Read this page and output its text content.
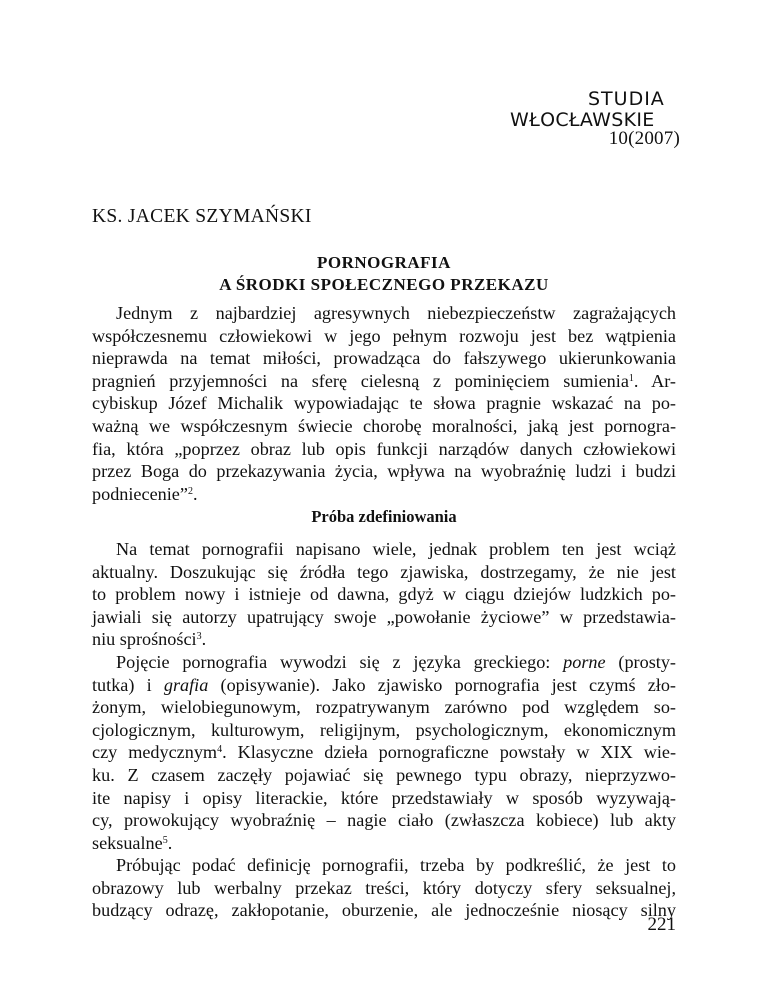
STUDIA
WŁOCŁAWSKIE
10(2007)
KS. JACEK SZYMAŃSKI
PORNOGRAFIA
A ŚRODKI SPOŁECZNEGO PRZEKAZU
Jednym z najbardziej agresywnych niebezpieczeństw zagrażających
współczesnemu człowiekowi w jego pełnym rozwoju jest bez wątpienia
nieprawda na temat miłości, prowadząca do fałszywego ukierunkowania
pragnień przyjemności na sferę cielesną z pominięciem sumienia$^1$. Ar-
cybiskup Józef Michalik wypowiadając te słowa pragnie wskazać na po-
ważną we współczesnym świecie chorobę moralności, jaką jest pornogra-
fia, która „poprzez obraz lub opis funkcji narządów danych człowiekowi
przez Boga do przekazywania życia, wpływa na wyobraźnię ludzi i budzi
podniecenie”$^2$.
Próba zdefiniowania
Na temat pornografii napisano wiele, jednak problem ten jest wciąż
aktualny. Doszukując się źródła tego zjawiska, dostrzegamy, że nie jest
to problem nowy i istnieje od dawna, gdyż w ciągu dziejów ludzkich po-
jawiali się autorzy upatrujący swoje „powołanie życiowe” w przedstawia-
niu sprośności$^3$.
Pojęcie pornografia wywodzi się z języka greckiego: porne (prosty-
tutka) i grafia (opisywanie). Jako zjawisko pornografia jest czymś zło-
żonym, wielobiegunowym, rozpatrywanym zarówno pod względem so-
cjologicznym, kulturowym, religijnym, psychologicznym, ekonomicznym
czy medycznym$^4$. Klasyczne dzieła pornograficzne powstały w XIX wie-
ku. Z czasem zaczęły pojawiać się pewnego typu obrazy, nieprzyzwo-
ite napisy i opisy literackie, które przedstawiały w sposób wyzywają-
cy, prowokujący wyobraźnię – nagie ciało (zwłaszcza kobiece) lub akty
seksualne$^5$.
Próbując podać definicję pornografii, trzeba by podkreślić, że jest to
obrazowy lub werbalny przekaz treści, który dotyczy sfery seksualnej,
budzący odrazę, zakłopotanie, oburzenie, ale jednocześnie niosący silny
221
